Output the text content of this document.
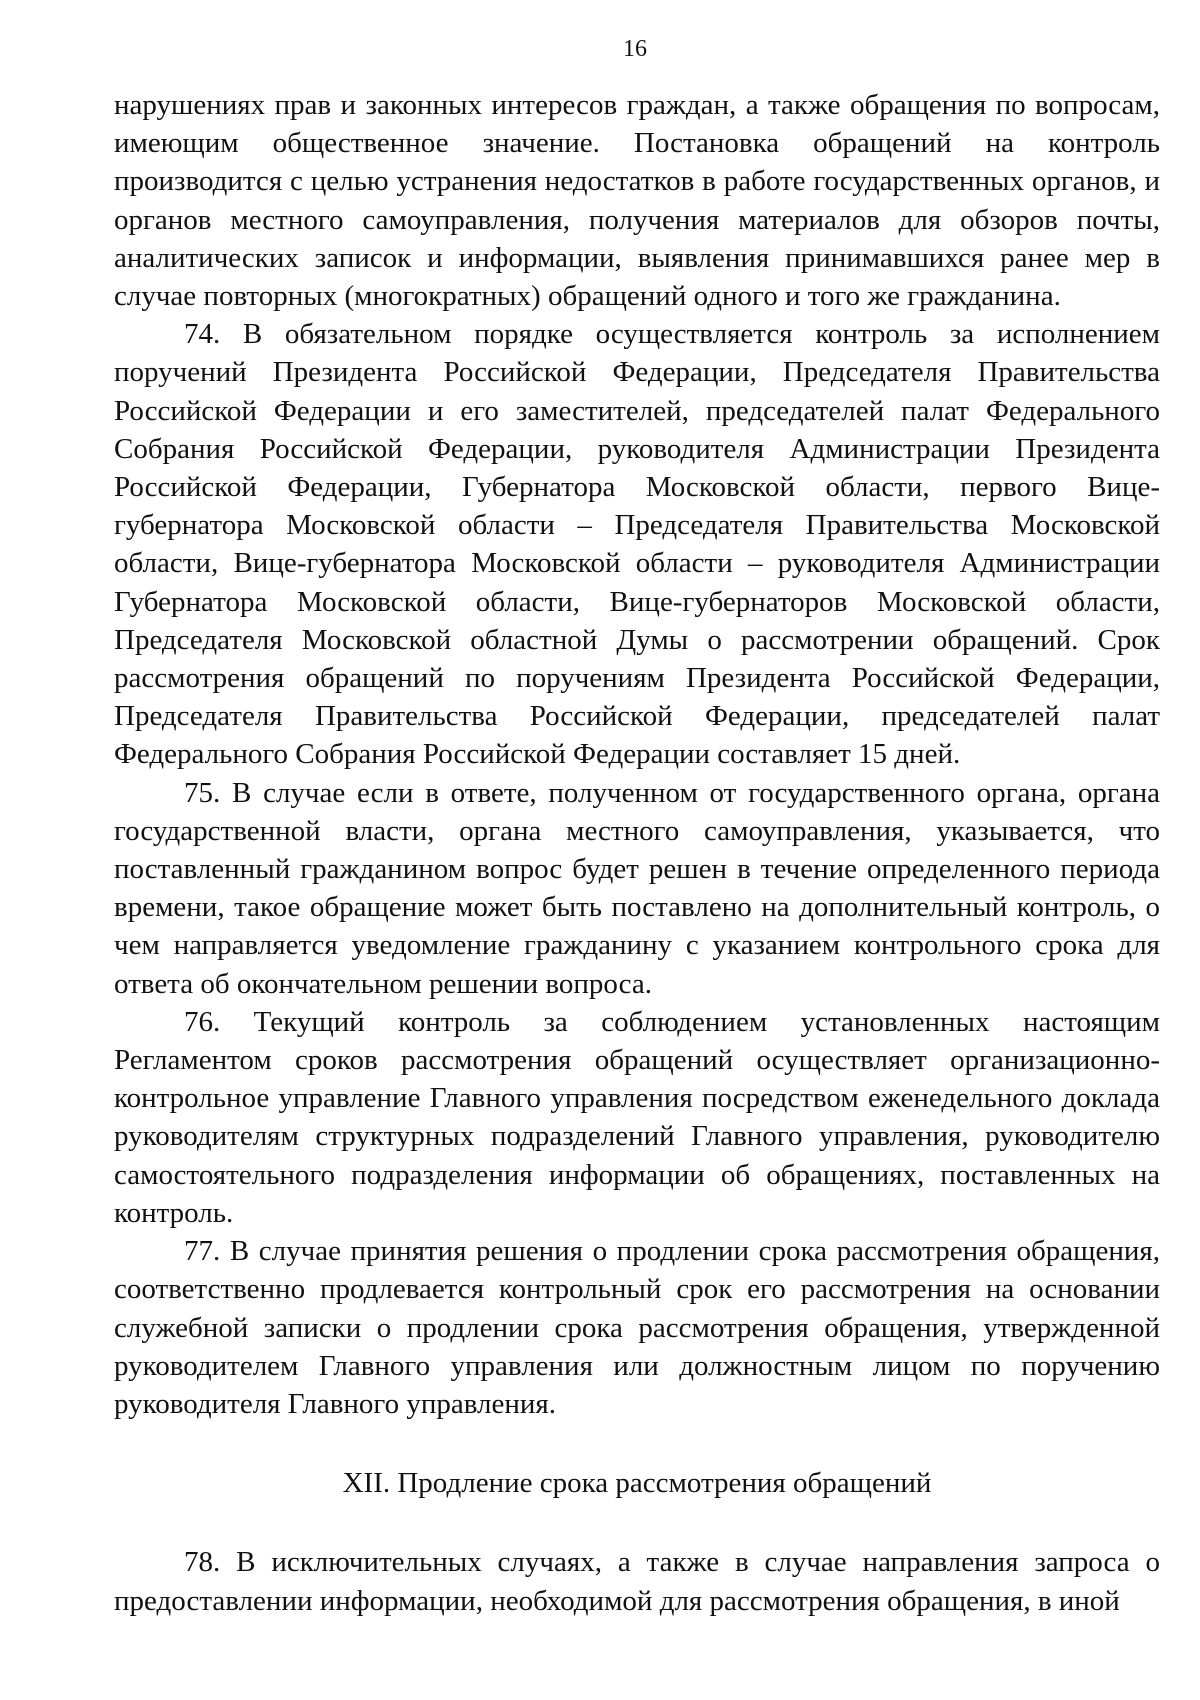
16

нарушениях прав и законных интересов граждан, а также обращения по вопросам, имеющим общественное значение. Постановка обращений на контроль производится с целью устранения недостатков в работе государственных органов, и органов местного самоуправления, получения материалов для обзоров почты, аналитических записок и информации, выявления принимавшихся ранее мер в случае повторных (многократных) обращений одного и того же гражданина.

74. В обязательном порядке осуществляется контроль за исполнением поручений Президента Российской Федерации, Председателя Правительства Российской Федерации и его заместителей, председателей палат Федерального Собрания Российской Федерации, руководителя Администрации Президента Российской Федерации, Губернатора Московской области, первого Вице-губернатора Московской области – Председателя Правительства Московской области, Вице-губернатора Московской области – руководителя Администрации Губернатора Московской области, Вице-губернаторов Московской области, Председателя Московской областной Думы о рассмотрении обращений. Срок рассмотрения обращений по поручениям Президента Российской Федерации, Председателя Правительства Российской Федерации, председателей палат Федерального Собрания Российской Федерации составляет 15 дней.

75. В случае если в ответе, полученном от государственного органа, органа государственной власти, органа местного самоуправления, указывается, что поставленный гражданином вопрос будет решен в течение определенного периода времени, такое обращение может быть поставлено на дополнительный контроль, о чем направляется уведомление гражданину с указанием контрольного срока для ответа об окончательном решении вопроса.

76. Текущий контроль за соблюдением установленных настоящим Регламентом сроков рассмотрения обращений осуществляет организационно-контрольное управление Главного управления посредством еженедельного доклада руководителям структурных подразделений Главного управления, руководителю самостоятельного подразделения информации об обращениях, поставленных на контроль.

77. В случае принятия решения о продлении срока рассмотрения обращения, соответственно продлевается контрольный срок его рассмотрения на основании служебной записки о продлении срока рассмотрения обращения, утвержденной руководителем Главного управления или должностным лицом по поручению руководителя Главного управления.

XII. Продление срока рассмотрения обращений

78. В исключительных случаях, а также в случае направления запроса о предоставлении информации, необходимой для рассмотрения обращения, в иной
